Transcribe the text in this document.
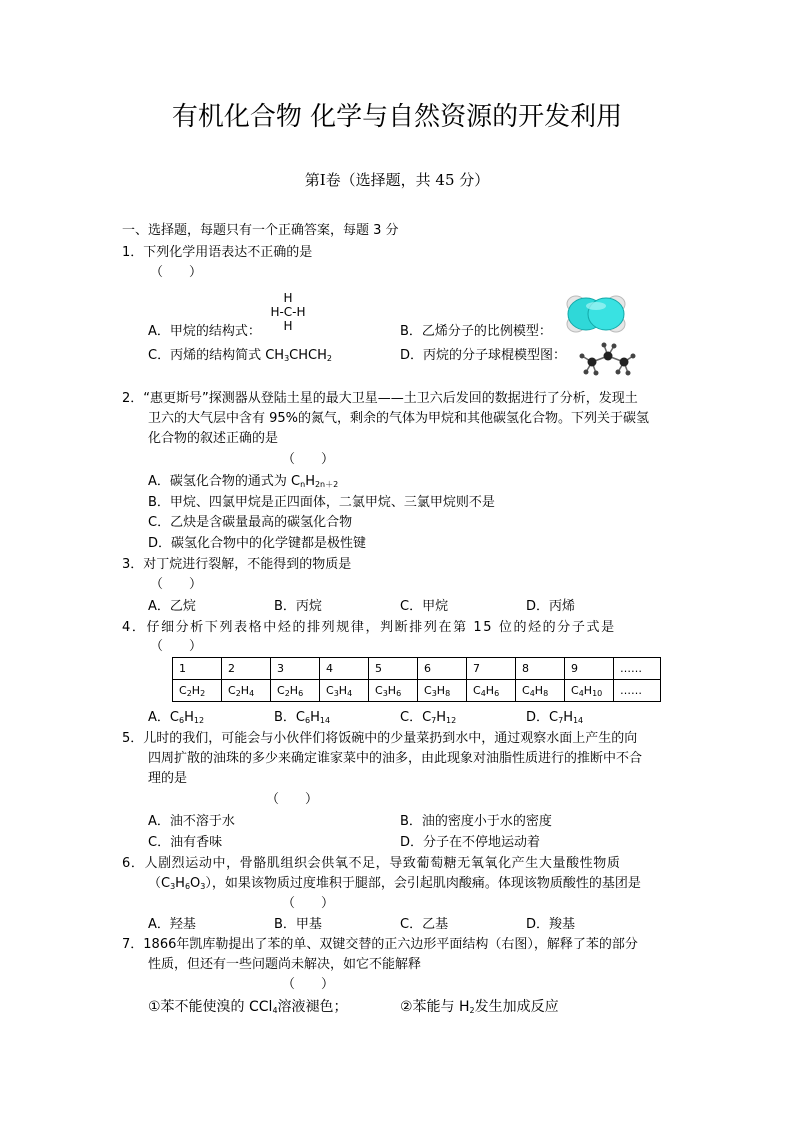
有机化合物 化学与自然资源的开发利用
第Ⅰ卷（选择题，共 45 分）
一、选择题，每题只有一个正确答案，每题 3 分
1．下列化学用语表达不正确的是
（　　）
H
H-C-H
H
A．甲烷的结构式：	B．乙烯分子的比例模型：
C．丙烯的结构简式 $CH_3CHCH_2$	D．丙烷的分子球棍模型图：
2．“惠更斯号”探测器从登陆土星的最大卫星——土卫六后发回的数据进行了分析，发现土
卫六的大气层中含有 95%的氮气，剩余的气体为甲烷和其他碳氢化合物。下列关于碳氢
化合物的叙述正确的是
（　　）
A．碳氢化合物的通式为 $C_nH_{2n+2}$
B．甲烷、四氯甲烷是正四面体，二氯甲烷、三氯甲烷则不是
C．乙炔是含碳量最高的碳氢化合物
D．碳氢化合物中的化学键都是极性键
3．对丁烷进行裂解，不能得到的物质是
（　　）
A．乙烷	B．丙烷	C．甲烷	D．丙烯
4．仔细分析下列表格中烃的排列规律，判断排列在第 15 位的烃的分子式是
（　　）
1	2	3	4	5	6	7	8	9	……
$C_2H_2$	$C_2H_4$	$C_2H_6$	$C_3H_4$	$C_3H_6$	$C_3H_8$	$C_4H_6$	$C_4H_8$	$C_4H_{10}$	……
A．$C_6H_{12}$	B．$C_6H_{14}$	C．$C_7H_{12}$	D．$C_7H_{14}$
5．儿时的我们，可能会与小伙伴们将饭碗中的少量菜扔到水中，通过观察水面上产生的向
四周扩散的油珠的多少来确定谁家菜中的油多，由此现象对油脂性质进行的推断中不合
理的是
（　　）
A．油不溶于水	B．油的密度小于水的密度
C．油有香味	D．分子在不停地运动着
6．人剧烈运动中，骨骼肌组织会供氧不足，导致葡萄糖无氧氧化产生大量酸性物质
$(C_3H_6O_3)$，如果该物质过度堆积于腿部，会引起肌肉酸痛。体现该物质酸性的基团是
（　　）
A．羟基	B．甲基	C．乙基	D．羧基
7．1866年凯库勒提出了苯的单、双键交替的正六边形平面结构（右图），解释了苯的部分
性质，但还有一些问题尚未解决，如它不能解释
（　　）
①苯不能使溴的 CCl$_4$溶液褪色；	②苯能与 $H_2$发生加成反应
